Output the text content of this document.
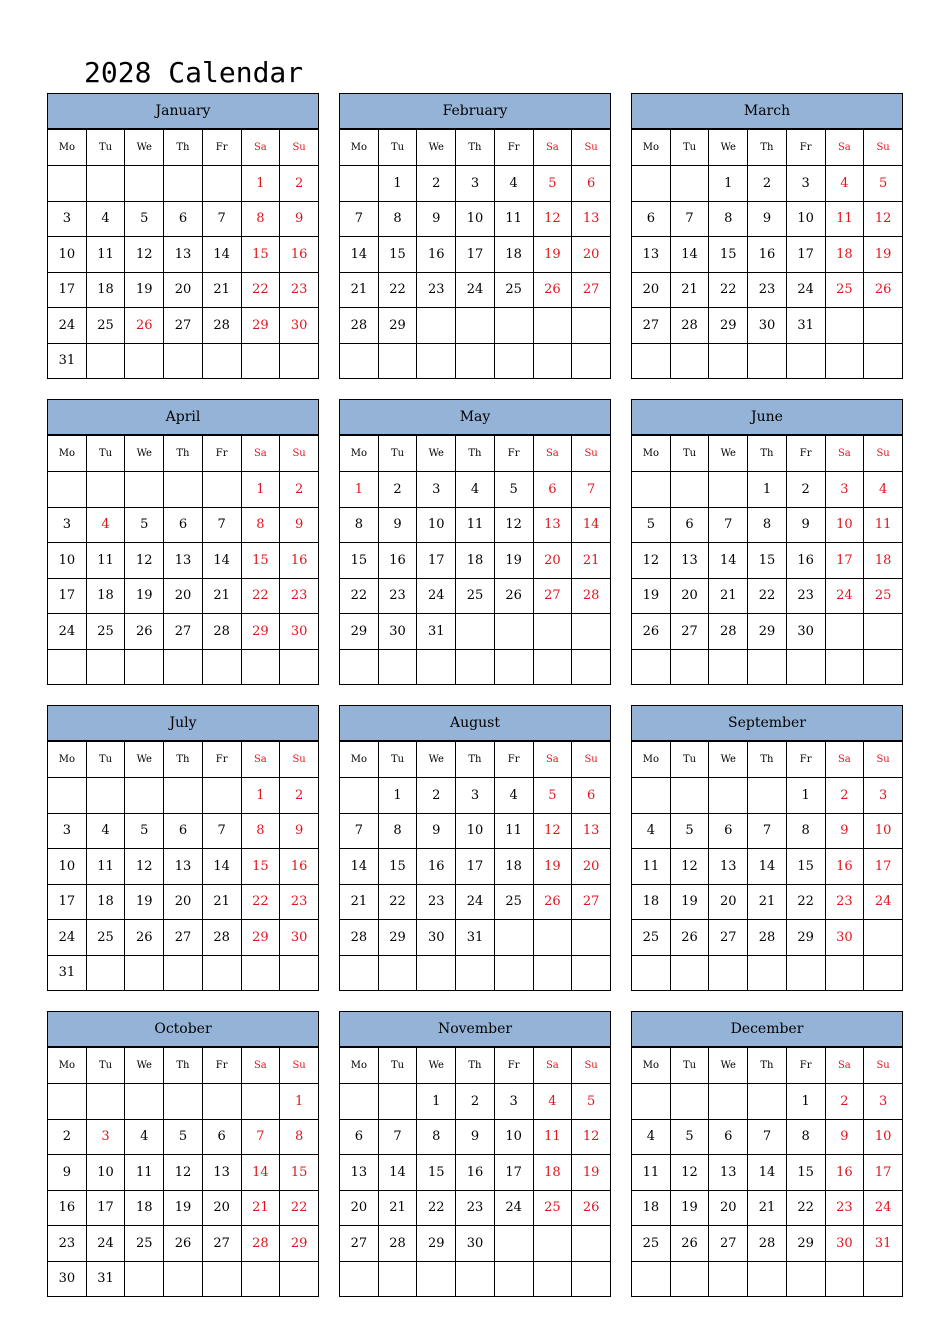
2028 Calendar
January						
Mo	Tu	We	Th	Fr	Sa	Su
					1	2
3	4	5	6	7	8	9
10	11	12	13	14	15	16
17	18	19	20	21	22	23
24	25	26	27	28	29	30
31						
February						
Mo	Tu	We	Th	Fr	Sa	Su
	1	2	3	4	5	6
7	8	9	10	11	12	13
14	15	16	17	18	19	20
21	22	23	24	25	26	27
28	29					

March						
Mo	Tu	We	Th	Fr	Sa	Su
		1	2	3	4	5
6	7	8	9	10	11	12
13	14	15	16	17	18	19
20	21	22	23	24	25	26
27	28	29	30	31		

April						
Mo	Tu	We	Th	Fr	Sa	Su
					1	2
3	4	5	6	7	8	9
10	11	12	13	14	15	16
17	18	19	20	21	22	23
24	25	26	27	28	29	30

May						
Mo	Tu	We	Th	Fr	Sa	Su
1	2	3	4	5	6	7
8	9	10	11	12	13	14
15	16	17	18	19	20	21
22	23	24	25	26	27	28
29	30	31				

June						
Mo	Tu	We	Th	Fr	Sa	Su
			1	2	3	4
5	6	7	8	9	10	11
12	13	14	15	16	17	18
19	20	21	22	23	24	25
26	27	28	29	30		

July						
Mo	Tu	We	Th	Fr	Sa	Su
					1	2
3	4	5	6	7	8	9
10	11	12	13	14	15	16
17	18	19	20	21	22	23
24	25	26	27	28	29	30
31						
August						
Mo	Tu	We	Th	Fr	Sa	Su
	1	2	3	4	5	6
7	8	9	10	11	12	13
14	15	16	17	18	19	20
21	22	23	24	25	26	27
28	29	30	31			

September						
Mo	Tu	We	Th	Fr	Sa	Su
				1	2	3
4	5	6	7	8	9	10
11	12	13	14	15	16	17
18	19	20	21	22	23	24
25	26	27	28	29	30	

October						
Mo	Tu	We	Th	Fr	Sa	Su
						1
2	3	4	5	6	7	8
9	10	11	12	13	14	15
16	17	18	19	20	21	22
23	24	25	26	27	28	29
30	31					
November						
Mo	Tu	We	Th	Fr	Sa	Su
		1	2	3	4	5
6	7	8	9	10	11	12
13	14	15	16	17	18	19
20	21	22	23	24	25	26
27	28	29	30			

December						
Mo	Tu	We	Th	Fr	Sa	Su
				1	2	3
4	5	6	7	8	9	10
11	12	13	14	15	16	17
18	19	20	21	22	23	24
25	26	27	28	29	30	31
